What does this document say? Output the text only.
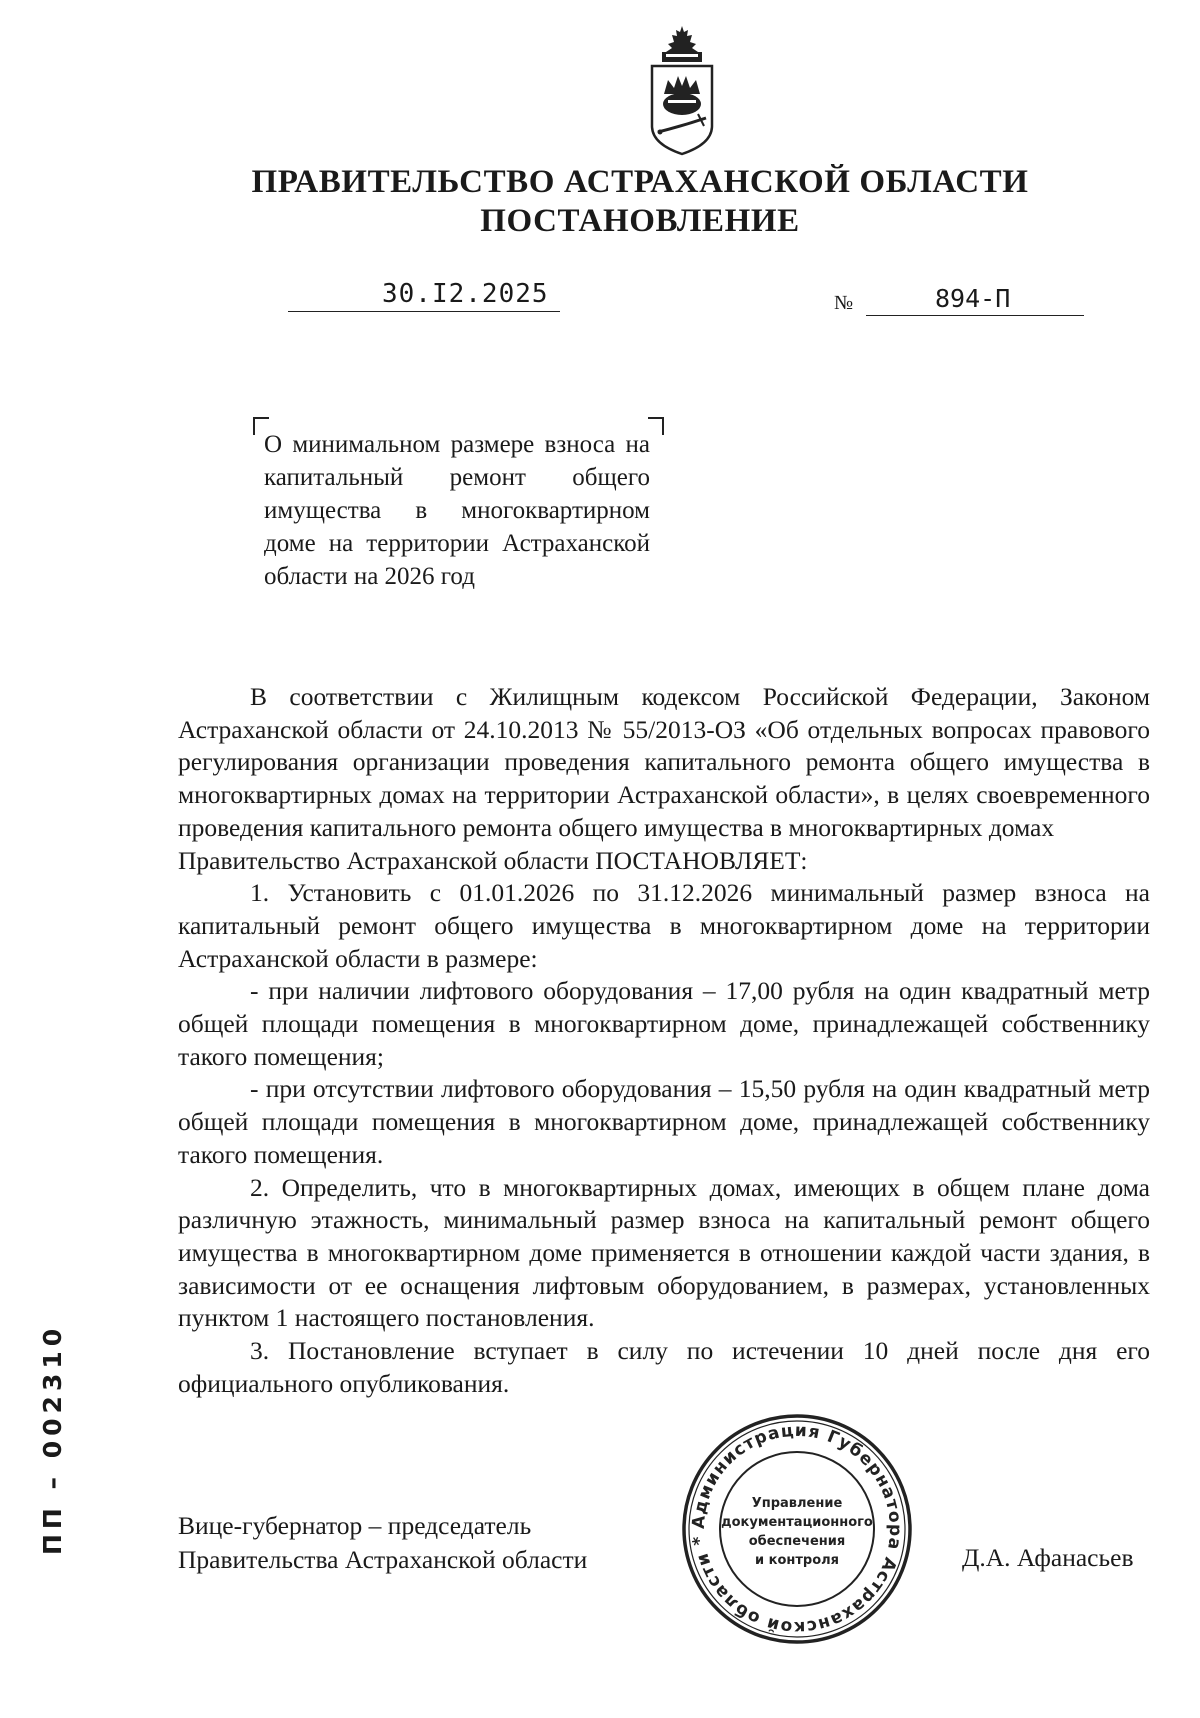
ПРАВИТЕЛЬСТВО АСТРАХАНСКОЙ ОБЛАСТИ
ПОСТАНОВЛЕНИЕ
30.I2.2025	№	894-П
О минимальном размере взноса на капитальный ремонт общего имущества в многоквартирном доме на территории Астраханской области на 2026 год

В соответствии с Жилищным кодексом Российской Федерации, Законом Астраханской области от 24.10.2013 № 55/2013-ОЗ «Об отдельных вопросах правового регулирования организации проведения капитального ремонта общего имущества в многоквартирных домах на территории Астраханской области», в целях своевременного проведения капитального ремонта общего имущества в многоквартирных домах

Правительство Астраханской области ПОСТАНОВЛЯЕТ:

1. Установить с 01.01.2026 по 31.12.2026 минимальный размер взноса на капитальный ремонт общего имущества в многоквартирном доме на территории Астраханской области в размере:

- при наличии лифтового оборудования – 17,00 рубля на один квадратный метр общей площади помещения в многоквартирном доме, принадлежащей собственнику такого помещения;

- при отсутствии лифтового оборудования – 15,50 рубля на один квадратный метр общей площади помещения в многоквартирном доме, принадлежащей собственнику такого помещения.

2. Определить, что в многоквартирных домах, имеющих в общем плане дома различную этажность, минимальный размер взноса на капитальный ремонт общего имущества в многоквартирном доме применяется в отношении каждой части здания, в зависимости от ее оснащения лифтовым оборудованием, в размерах, установленных пунктом 1 настоящего постановления.

3. Постановление вступает в силу по истечении 10 дней после дня его официального опубликования.

Вице-губернатор – председатель
Правительства Астраханской области	Д.А. Афанасьев
Администрация Губернатора Астраханской области *
Управление
документационного
обеспечения
и контроля
ПП – 002310
